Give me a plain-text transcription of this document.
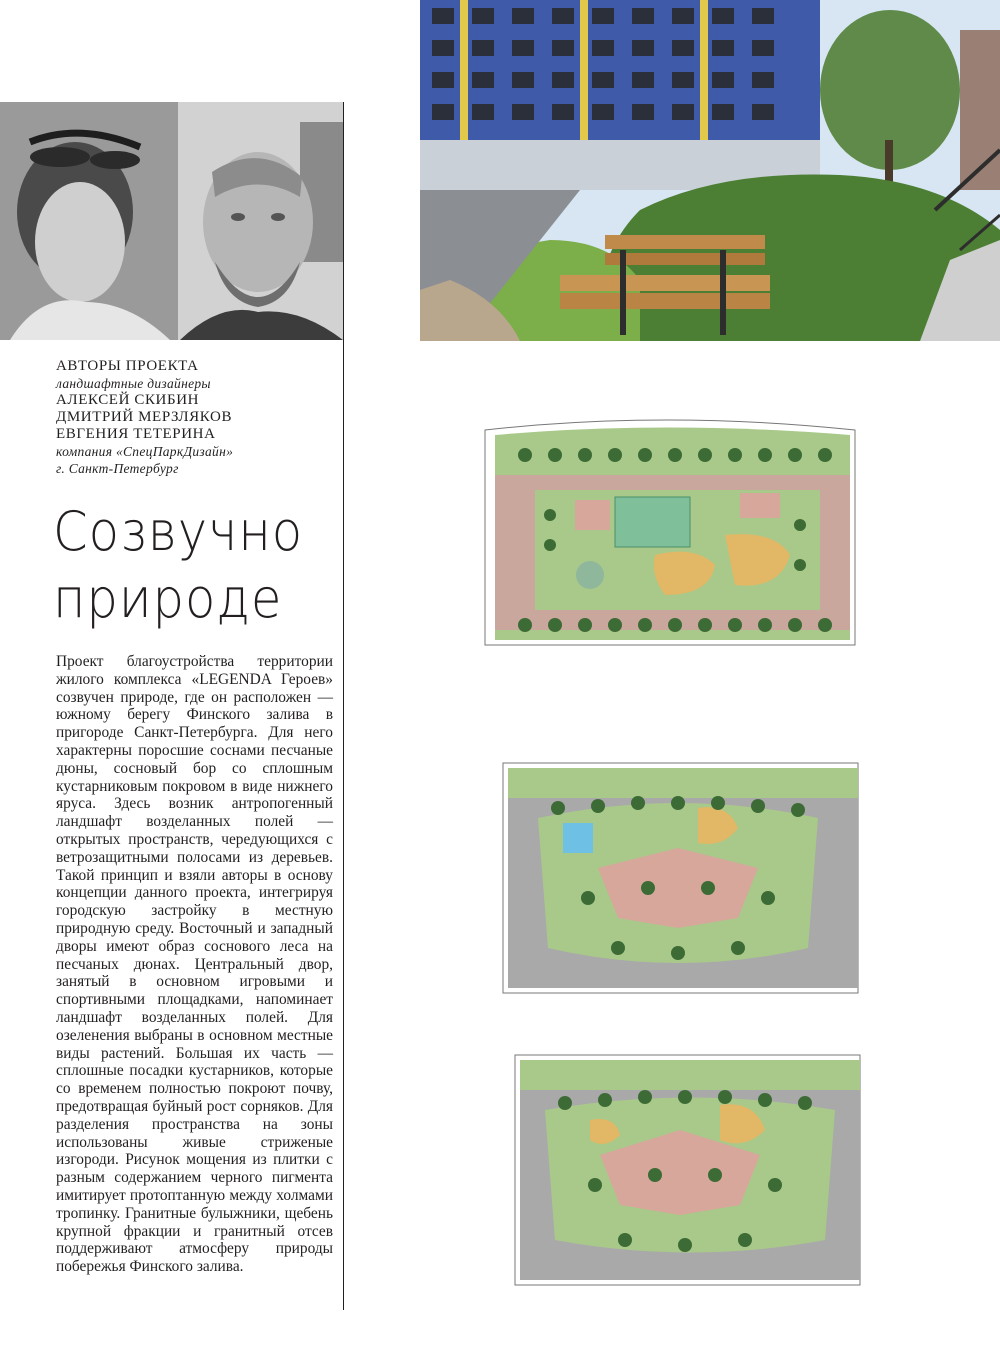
АВТОРЫ ПРОЕКТА
ландшафтные дизайнеры
АЛЕКСЕЙ СКИБИН
ДМИТРИЙ МЕРЗЛЯКОВ
ЕВГЕНИЯ ТЕТЕРИНА
компания «СпецПаркДизайн»
г. Санкт-Петербург
Созвучно
природе
Проект благоустройства территории жилого комплекса «LEGENDA Героев» созвучен природе, где он расположен — южному берегу Финского залива в пригороде Санкт-Петербурга. Для него характерны поросшие соснами песчаные дюны, сосновый бор со сплошным кустарниковым покровом в виде нижнего яруса. Здесь возник антропогенный ландшафт возделанных полей — открытых пространств, чередующихся с ветрозащитными полосами из деревьев. Такой принцип и взяли авторы в основу концепции данного проекта, интегрируя городскую застройку в местную природную среду. Восточный и западный дворы имеют образ соснового леса на песчаных дюнах. Центральный двор, занятый в основном игровыми и спортивными площадками, напоминает ландшафт возделанных полей. Для озеленения выбраны в основном местные виды растений. Большая их часть — сплошные посадки кустарников, которые со временем полностью покроют почву, предотвращая буйный рост сорняков. Для разделения пространства на зоны использованы живые стриженые изгороди. Рисунок мощения из плитки с разным содержанием черного пигмента имитирует протоптанную между холмами тропинку. Гранитные булыжники, щебень крупной фракции и гранитный отсев поддерживают атмосферу природы побережья Финского залива.
